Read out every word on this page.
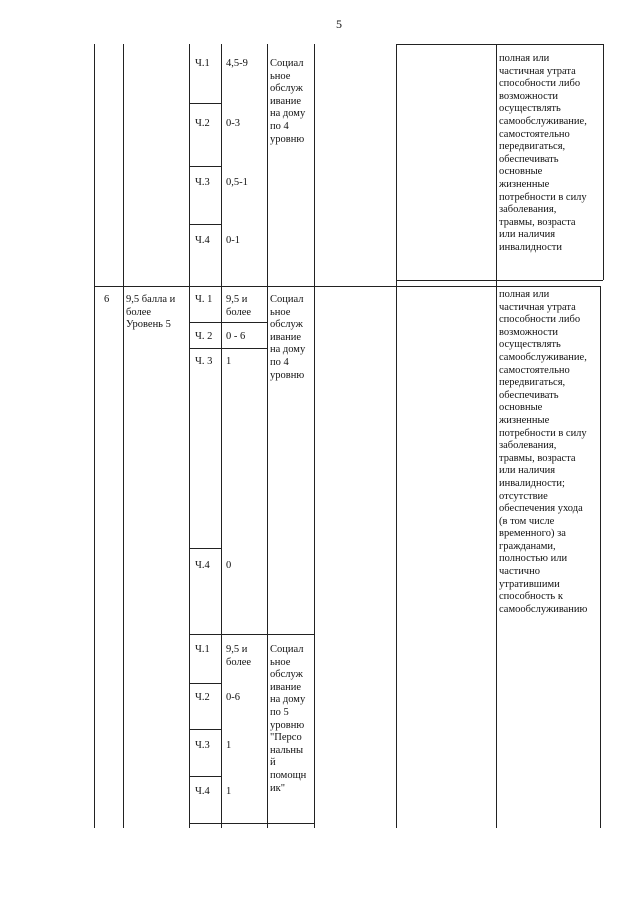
5
Ч.1
Ч.2
Ч.3
Ч.4
4,5-9
0-3
0,5-1
0-1
Социал
ьное
обслуж
ивание
на дому
по 4
уровню
полная или
частичная утрата
способности либо
возможности
осуществлять
самообслуживание,
самостоятельно
передвигаться,
обеспечивать
основные
жизненные
потребности в силу
заболевания,
травмы, возраста
или наличия
инвалидности
6 9,5 балла и
более
Уровень 5
Ч. 1
Ч. 2
Ч. 3
Ч.4
9,5 и
более
0 - 6
1
0
Социал
ьное
обслуж
ивание
на дому
по 4
уровню
Ч.1
Ч.2
Ч.3
Ч.4
9,5 и
более
0-6
1
1
Социал
ьное
обслуж
ивание
на дому
по 5
уровню
"Персо
нальны
й
помощн
ик"
полная или
частичная утрата
способности либо
возможности
осуществлять
самообслуживание,
самостоятельно
передвигаться,
обеспечивать
основные
жизненные
потребности в силу
заболевания,
травмы, возраста
или наличия
инвалидности;
отсутствие
обеспечения ухода
(в том числе
временного) за
гражданами,
полностью или
частично
утратившими
способность к
самообслуживанию
